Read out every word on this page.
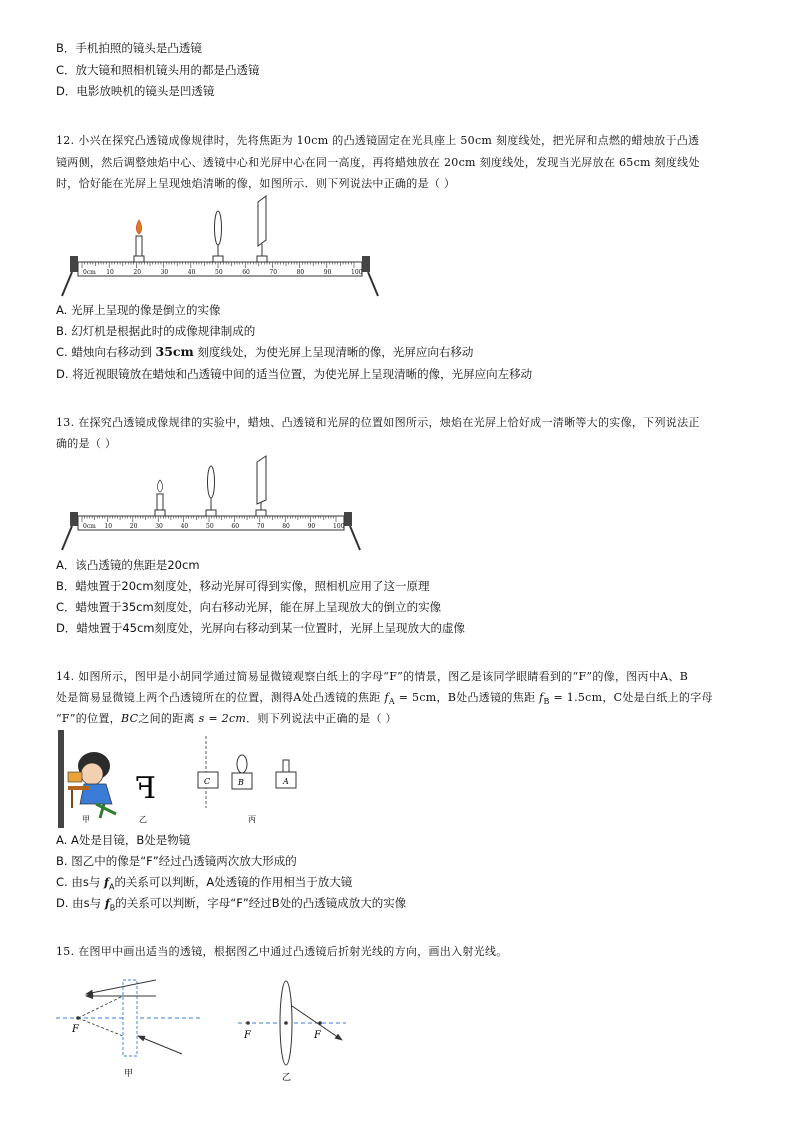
B．手机拍照的镜头是凸透镜
C．放大镜和照相机镜头用的都是凸透镜
D．电影放映机的镜头是凹透镜
12. 小兴在探究凸透镜成像规律时，先将焦距为 10cm 的凸透镜固定在光具座上 50cm 刻度线处，把光屏和点燃的蜡烛放于凸透
镜两侧，然后调整烛焰中心、透镜中心和光屏中心在同一高度，再将蜡烛放在 20cm 刻度线处，发现当光屏放在 65cm 刻度线处
时，恰好能在光屏上呈现烛焰清晰的像，如图所示．则下列说法中正确的是（ ）
0cm 10	20	30	40	50	60	70	80	90	100
A. 光屏上呈现的像是倒立的实像
B. 幻灯机是根据此时的成像规律制成的
C. 蜡烛向右移动到 35cm 刻度线处，为使光屏上呈现清晰的像，光屏应向右移动
D. 将近视眼镜放在蜡烛和凸透镜中间的适当位置，为使光屏上呈现清晰的像，光屏应向左移动
13. 在探究凸透镜成像规律的实验中，蜡烛、凸透镜和光屏的位置如图所示，烛焰在光屏上恰好成一清晰等大的实像，下列说法正
确的是（ ）
0cm 10	20	30	40	50	60	70	80	90	100
A．该凸透镜的焦距是20cm
B．蜡烛置于20cm刻度处，移动光屏可得到实像，照相机应用了这一原理
C．蜡烛置于35cm刻度处，向右移动光屏，能在屏上呈现放大的倒立的实像
D．蜡烛置于45cm刻度处，光屏向右移动到某一位置时，光屏上呈现放大的虚像
14. 如图所示，图甲是小胡同学通过简易显微镜观察白纸上的字母“F”的情景，图乙是该同学眼睛看到的“F”的像，图丙中A、B
处是简易显微镜上两个凸透镜所在的位置，测得A处凸透镜的焦距 $f_A = 5cm$，B处凸透镜的焦距 $f_B = 1.5cm$，C处是白纸上的字母
“F”的位置，BC之间的距离 s = 2cm．则下列说法中正确的是（ ）
甲
F
乙
C	B	A
丙
A. A处是目镜，B处是物镜
B. 图乙中的像是“F”经过凸透镜两次放大形成的
C. 由s与 $f_A$的关系可以判断，A处透镜的作用相当于放大镜
D. 由s与 $f_B$的关系可以判断，字母“F”经过B处的凸透镜成放大的实像
15. 在图甲中画出适当的透镜，根据图乙中通过凸透镜后折射光线的方向，画出入射光线。
F
甲
F	F
乙
